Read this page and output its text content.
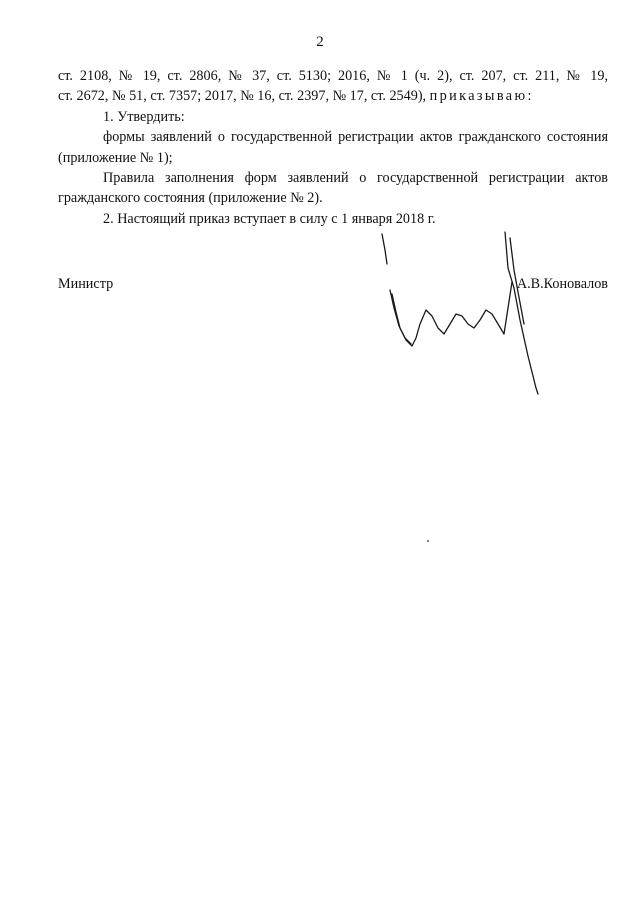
2

ст. 2108, № 19, ст. 2806, № 37, ст. 5130; 2016, № 1 (ч. 2), ст. 207, ст. 211, № 19,

ст. 2672, № 51, ст. 7357; 2017, № 16, ст. 2397, № 17, ст. 2549), приказываю:

1. Утвердить:

формы заявлений о государственной регистрации актов гражданского состояния (приложение № 1);

Правила заполнения форм заявлений о государственной регистрации актов гражданского состояния (приложение № 2).

2. Настоящий приказ вступает в силу с 1 января 2018 г.

Министр	А.В.Коновалов
